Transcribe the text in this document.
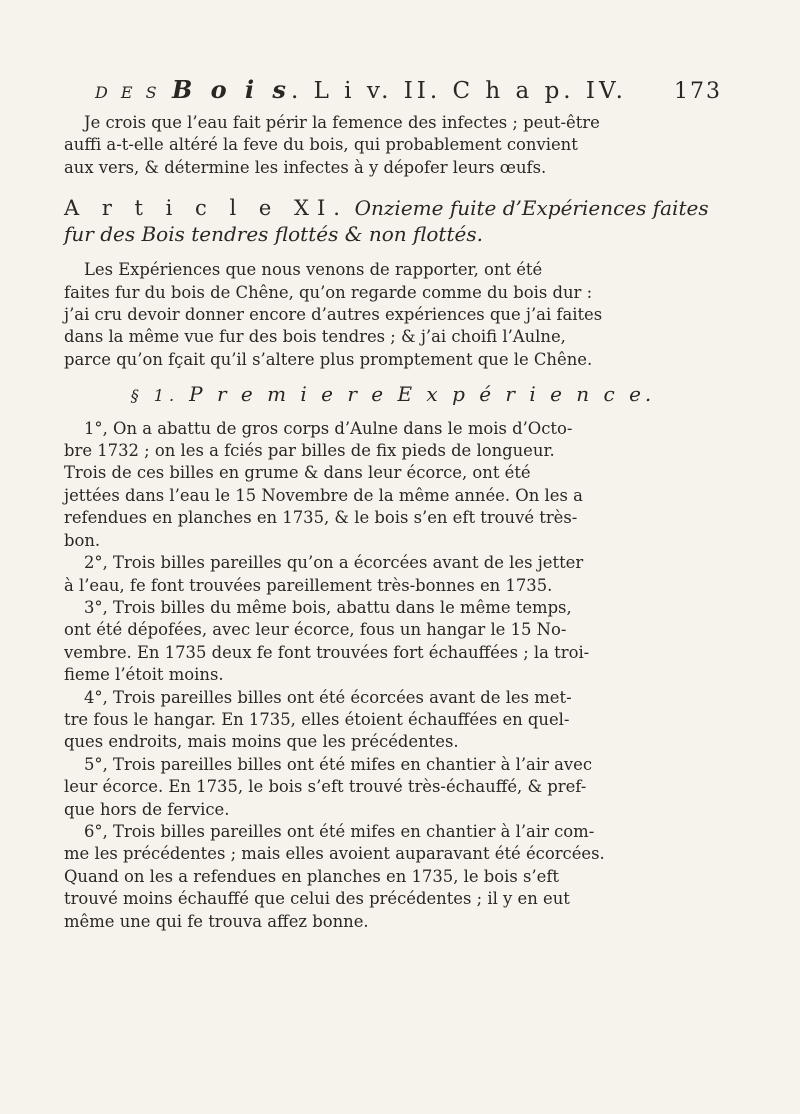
D E S B o i s. L i v. II. C h a p. IV. 173

Je crois que l’eau fait périr la femence des infectes ; peut-être

auffi a-t-elle altéré la feve du bois, qui probablement convient

aux vers, & détermine les infectes à y dépofer leurs œufs.

A r t i c l e XI. Onzieme fuite d’Expériences faites
fur des Bois tendres flottés & non flottés.

Les Expériences que nous venons de rapporter, ont été

faites fur du bois de Chêne, qu’on regarde comme du bois dur :

j’ai cru devoir donner encore d’autres expériences que j’ai faites

dans la même vue fur des bois tendres ; & j’ai choifi l’Aulne,

parce qu’on fçait qu’il s’altere plus promptement que le Chêne.

§ 1. P r e m i e r e E x p é r i e n c e.

1°, On a abattu de gros corps d’Aulne dans le mois d’Octo-

bre 1732 ; on les a fciés par billes de fix pieds de longueur.

Trois de ces billes en grume & dans leur écorce, ont été

jettées dans l’eau le 15 Novembre de la même année. On les a

refendues en planches en 1735, & le bois s’en eft trouvé très-

bon.

2°, Trois billes pareilles qu’on a écorcées avant de les jetter

à l’eau, fe font trouvées pareillement très-bonnes en 1735.

3°, Trois billes du même bois, abattu dans le même temps,

ont été dépofées, avec leur écorce, fous un hangar le 15 No-

vembre. En 1735 deux fe font trouvées fort échauffées ; la troi-

fieme l’étoit moins.

4°, Trois pareilles billes ont été écorcées avant de les met-

tre fous le hangar. En 1735, elles étoient échauffées en quel-

ques endroits, mais moins que les précédentes.

5°, Trois pareilles billes ont été mifes en chantier à l’air avec

leur écorce. En 1735, le bois s’eft trouvé très-échauffé, & pref-

que hors de fervice.

6°, Trois billes pareilles ont été mifes en chantier à l’air com-

me les précédentes ; mais elles avoient auparavant été écorcées.

Quand on les a refendues en planches en 1735, le bois s’eft

trouvé moins échauffé que celui des précédentes ; il y en eut

même une qui fe trouva affez bonne.
